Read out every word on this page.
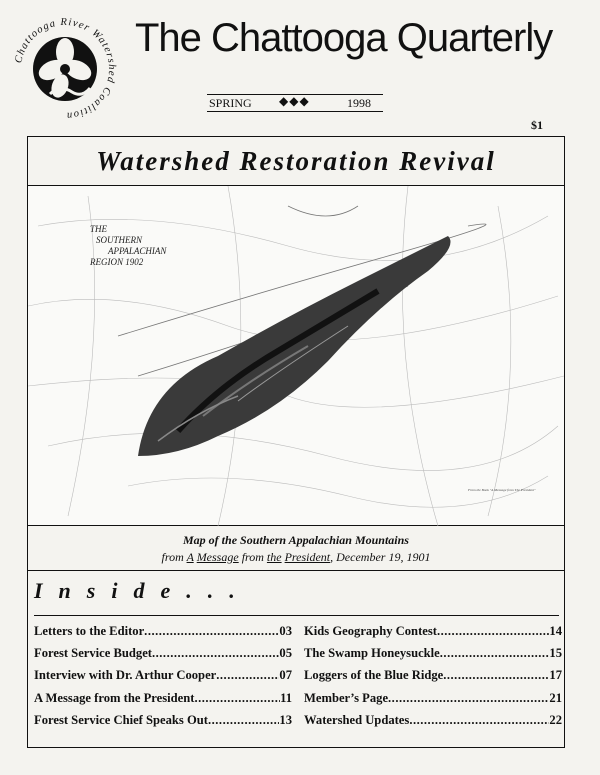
Chattooga River Watershed Coalition
The Chattooga Quarterly
SPRING ◆◆◆	1998
$1
Watershed Restoration Revival
THE
SOUTHERN
APPALACHIAN
REGION 1902
From the Book "A Message from The President"
Map of the Southern Appalachian Mountains
from A Message from the President, December 19, 1901
Inside...
Letters to the Editor .....	03
Forest Service Budget .....	05
Interview with Dr. Arthur Cooper .....	07
A Message from the President .....	11
Forest Service Chief Speaks Out .....	13
Kids Geography Contest .....	14
The Swamp Honeysuckle .....	15
Loggers of the Blue Ridge .....	17
Member’s Page .....	21
Watershed Updates .....	22
